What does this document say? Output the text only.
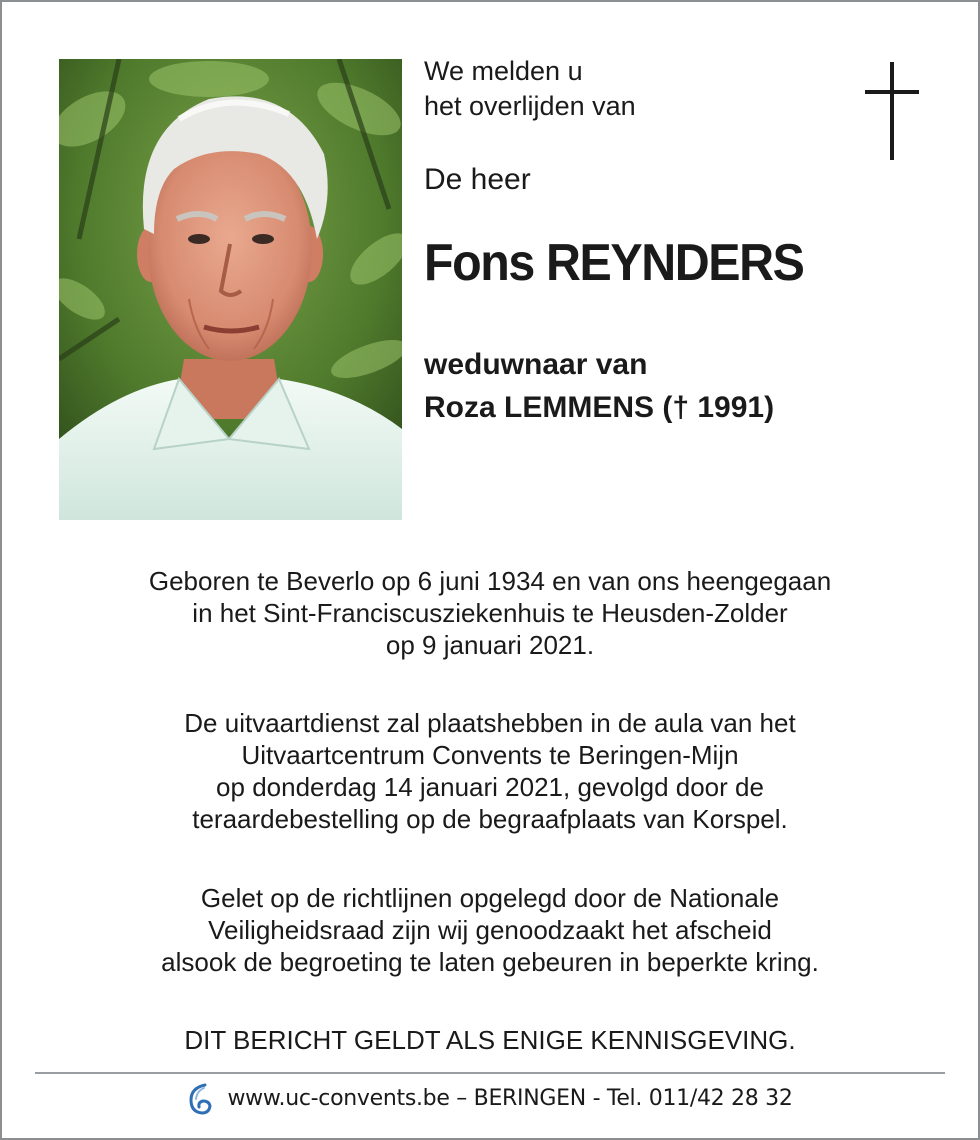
We melden u
het overlijden van
De heer
Fons REYNDERS
weduwnaar van
Roza LEMMENS († 1991)
Geboren te Beverlo op 6 juni 1934 en van ons heengegaan
in het Sint-Franciscusziekenhuis te Heusden-Zolder
op 9 januari 2021.
De uitvaartdienst zal plaatshebben in de aula van het
Uitvaartcentrum Convents te Beringen-Mijn
op donderdag 14 januari 2021, gevolgd door de
teraardebestelling op de begraafplaats van Korspel.
Gelet op de richtlijnen opgelegd door de Nationale
Veiligheidsraad zijn wij genoodzaakt het afscheid
alsook de begroeting te laten gebeuren in beperkte kring.
DIT BERICHT GELDT ALS ENIGE KENNISGEVING.
www.uc-convents.be – BERINGEN - Tel. 011/42 28 32
